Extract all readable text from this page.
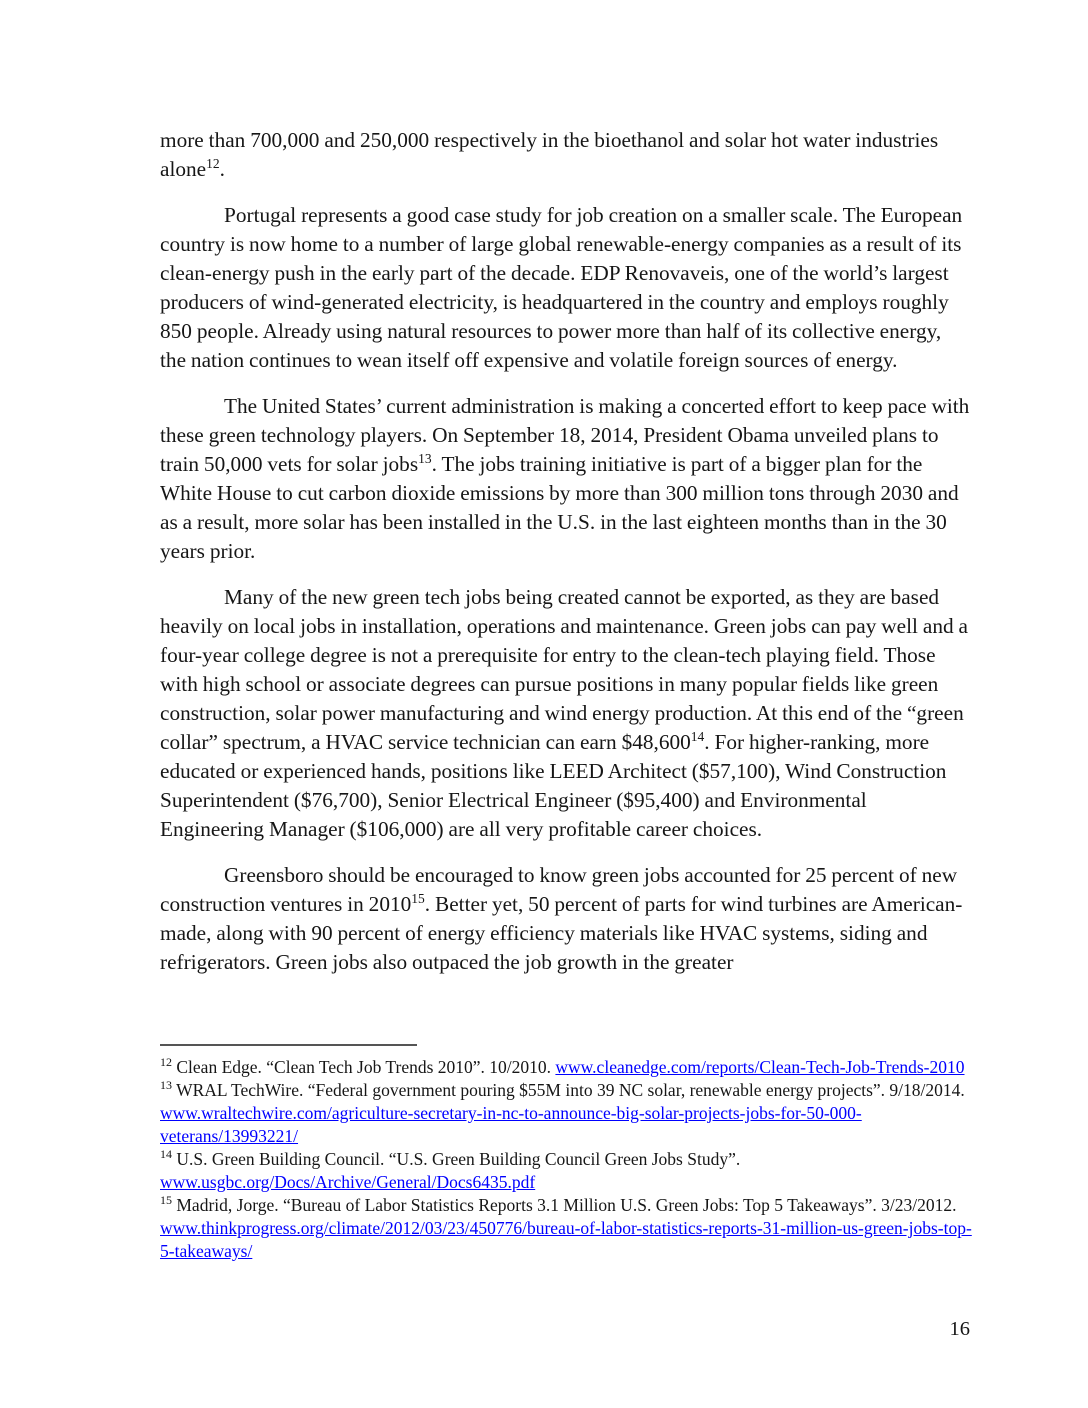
more than 700,000 and 250,000 respectively in the bioethanol and solar hot water industries alone$^{12}$.

Portugal represents a good case study for job creation on a smaller scale. The European country is now home to a number of large global renewable-energy companies as a result of its clean-energy push in the early part of the decade. EDP Renovaveis, one of the world’s largest producers of wind-generated electricity, is headquartered in the country and employs roughly 850 people. Already using natural resources to power more than half of its collective energy, the nation continues to wean itself off expensive and volatile foreign sources of energy.

The United States’ current administration is making a concerted effort to keep pace with these green technology players. On September 18, 2014, President Obama unveiled plans to train 50,000 vets for solar jobs$^{13}$. The jobs training initiative is part of a bigger plan for the White House to cut carbon dioxide emissions by more than 300 million tons through 2030 and as a result, more solar has been installed in the U.S. in the last eighteen months than in the 30 years prior.

Many of the new green tech jobs being created cannot be exported, as they are based heavily on local jobs in installation, operations and maintenance. Green jobs can pay well and a four-year college degree is not a prerequisite for entry to the clean-tech playing field. Those with high school or associate degrees can pursue positions in many popular fields like green construction, solar power manufacturing and wind energy production. At this end of the “green collar” spectrum, a HVAC service technician can earn $48,600$^{14}$. For higher-ranking, more educated or experienced hands, positions like LEED Architect ($57,100), Wind Construction Superintendent ($76,700), Senior Electrical Engineer ($95,400) and Environmental Engineering Manager ($106,000) are all very profitable career choices.

Greensboro should be encouraged to know green jobs accounted for 25 percent of new construction ventures in 2010$^{15}$. Better yet, 50 percent of parts for wind turbines are American-made, along with 90 percent of energy efficiency materials like HVAC systems, siding and refrigerators. Green jobs also outpaced the job growth in the greater

$^{12}$ Clean Edge. “Clean Tech Job Trends 2010”. 10/2010. www.cleanedge.com/reports/Clean-Tech-Job-Trends-2010
$^{13}$ WRAL TechWire. “Federal government pouring $55M into 39 NC solar, renewable energy projects”. 9/18/2014. www.wraltechwire.com/agriculture-secretary-in-nc-to-announce-big-solar-projects-jobs-for-50-000-veterans/13993221/
$^{14}$ U.S. Green Building Council. “U.S. Green Building Council Green Jobs Study”. www.usgbc.org/Docs/Archive/General/Docs6435.pdf
$^{15}$ Madrid, Jorge. “Bureau of Labor Statistics Reports 3.1 Million U.S. Green Jobs: Top 5 Takeaways”. 3/23/2012. www.thinkprogress.org/climate/2012/03/23/450776/bureau-of-labor-statistics-reports-31-million-us-green-jobs-top-5-takeaways/
16
